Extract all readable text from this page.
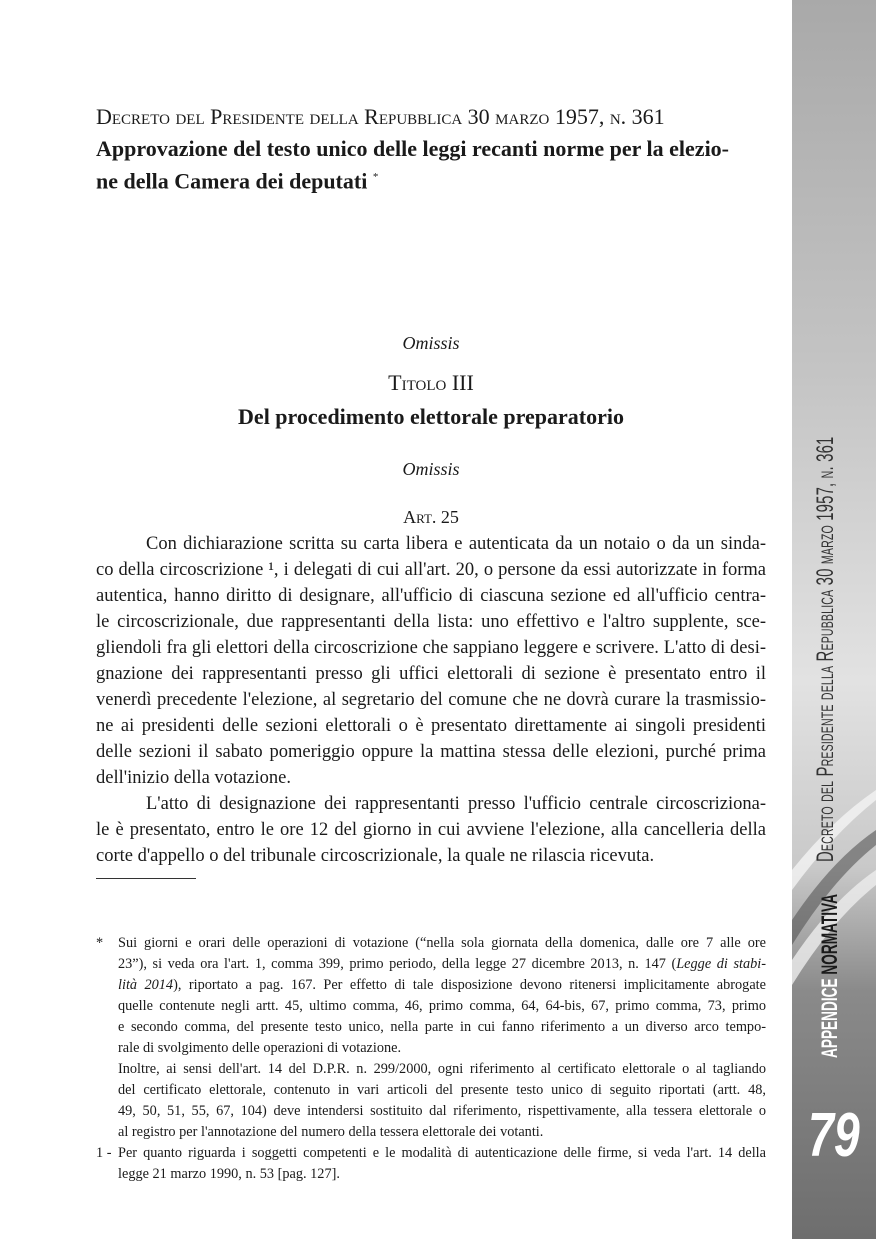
Decreto del Presidente della Repubblica 30 marzo 1957, n. 361
APPENDICE NORMATIVA
79
Decreto del Presidente della Repubblica 30 marzo 1957, n. 361
Approvazione del testo unico delle leggi recanti norme per la elezio-
ne della Camera dei deputati *
Omissis
Titolo III
Del procedimento elettorale preparatorio
Omissis
Art. 25
Con dichiarazione scritta su carta libera e autenticata da un notaio o da un sinda-
co della circoscrizione ¹, i delegati di cui all'art. 20, o persone da essi autorizzate in forma
autentica, hanno diritto di designare, all'ufficio di ciascuna sezione ed all'ufficio centra-
le circoscrizionale, due rappresentanti della lista: uno effettivo e l'altro supplente, sce-
gliendoli fra gli elettori della circoscrizione che sappiano leggere e scrivere. L'atto di desi-
gnazione dei rappresentanti presso gli uffici elettorali di sezione è presentato entro il
venerdì precedente l'elezione, al segretario del comune che ne dovrà curare la trasmissio-
ne ai presidenti delle sezioni elettorali o è presentato direttamente ai singoli presidenti
delle sezioni il sabato pomeriggio oppure la mattina stessa delle elezioni, purché prima
dell'inizio della votazione.
L'atto di designazione dei rappresentanti presso l'ufficio centrale circoscriziona-
le è presentato, entro le ore 12 del giorno in cui avviene l'elezione, alla cancelleria della
corte d'appello o del tribunale circoscrizionale, la quale ne rilascia ricevuta.
*	Sui giorni e orari delle operazioni di votazione (“nella sola giornata della domenica, dalle ore 7 alle ore
23”), si veda ora l'art. 1, comma 399, primo periodo, della legge 27 dicembre 2013, n. 147 (Legge di stabi-
lità 2014), riportato a pag. 167. Per effetto di tale disposizione devono ritenersi implicitamente abrogate
quelle contenute negli artt. 45, ultimo comma, 46, primo comma, 64, 64-bis, 67, primo comma, 73, primo
e secondo comma, del presente testo unico, nella parte in cui fanno riferimento a un diverso arco tempo-
rale di svolgimento delle operazioni di votazione.
Inoltre, ai sensi dell'art. 14 del D.P.R. n. 299/2000, ogni riferimento al certificato elettorale o al tagliando
del certificato elettorale, contenuto in vari articoli del presente testo unico di seguito riportati (artt. 48,
49, 50, 51, 55, 67, 104) deve intendersi sostituito dal riferimento, rispettivamente, alla tessera elettorale o
al registro per l'annotazione del numero della tessera elettorale dei votanti.
1 - Per quanto riguarda i soggetti competenti e le modalità di autenticazione delle firme, si veda l'art. 14 della
legge 21 marzo 1990, n. 53 [pag. 127].
